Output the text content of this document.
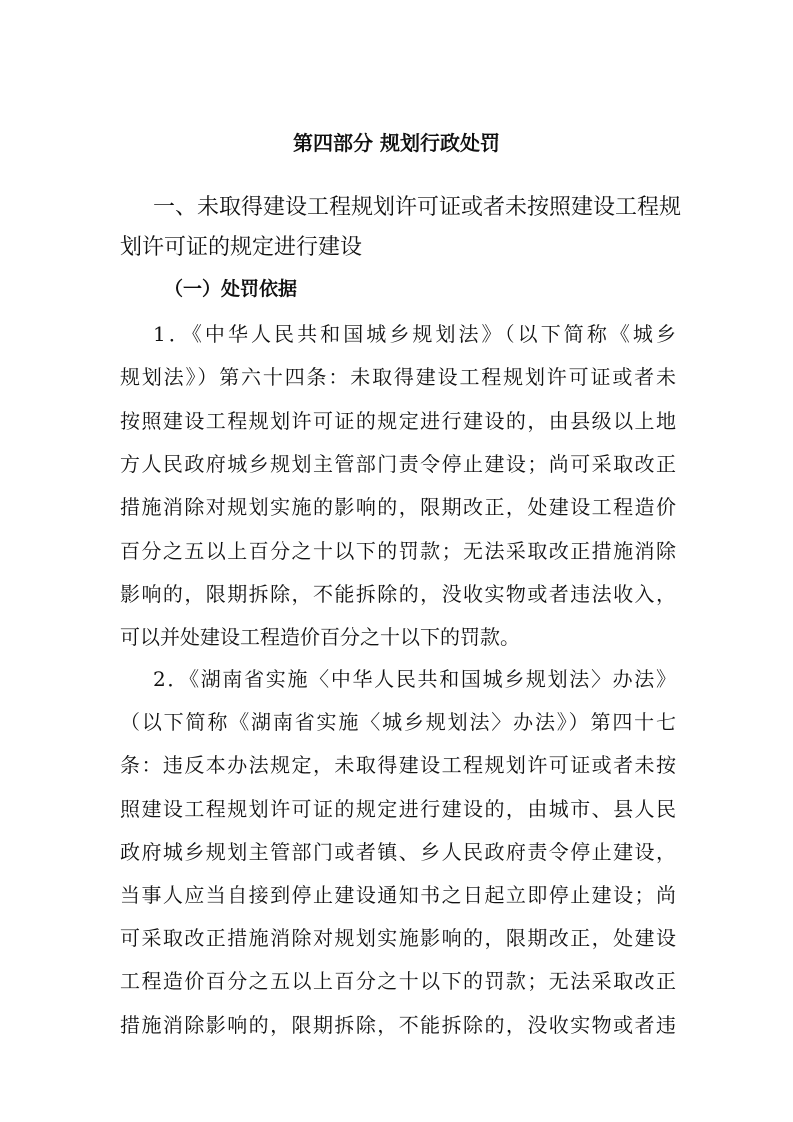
第四部分 规划行政处罚
一、未取得建设工程规划许可证或者未按照建设工程规
划许可证的规定进行建设
（一）处罚依据
1．《中华人民共和国城乡规划法》（以下简称《城乡
规划法》）第六十四条：未取得建设工程规划许可证或者未
按照建设工程规划许可证的规定进行建设的，由县级以上地
方人民政府城乡规划主管部门责令停止建设；尚可采取改正
措施消除对规划实施的影响的，限期改正，处建设工程造价
百分之五以上百分之十以下的罚款；无法采取改正措施消除
影响的，限期拆除，不能拆除的，没收实物或者违法收入，
可以并处建设工程造价百分之十以下的罚款。
2．《湖南省实施〈中华人民共和国城乡规划法〉办法》
（以下简称《湖南省实施〈城乡规划法〉办法》）第四十七
条：违反本办法规定，未取得建设工程规划许可证或者未按
照建设工程规划许可证的规定进行建设的，由城市、县人民
政府城乡规划主管部门或者镇、乡人民政府责令停止建设，
当事人应当自接到停止建设通知书之日起立即停止建设；尚
可采取改正措施消除对规划实施影响的，限期改正，处建设
工程造价百分之五以上百分之十以下的罚款；无法采取改正
措施消除影响的，限期拆除，不能拆除的，没收实物或者违
